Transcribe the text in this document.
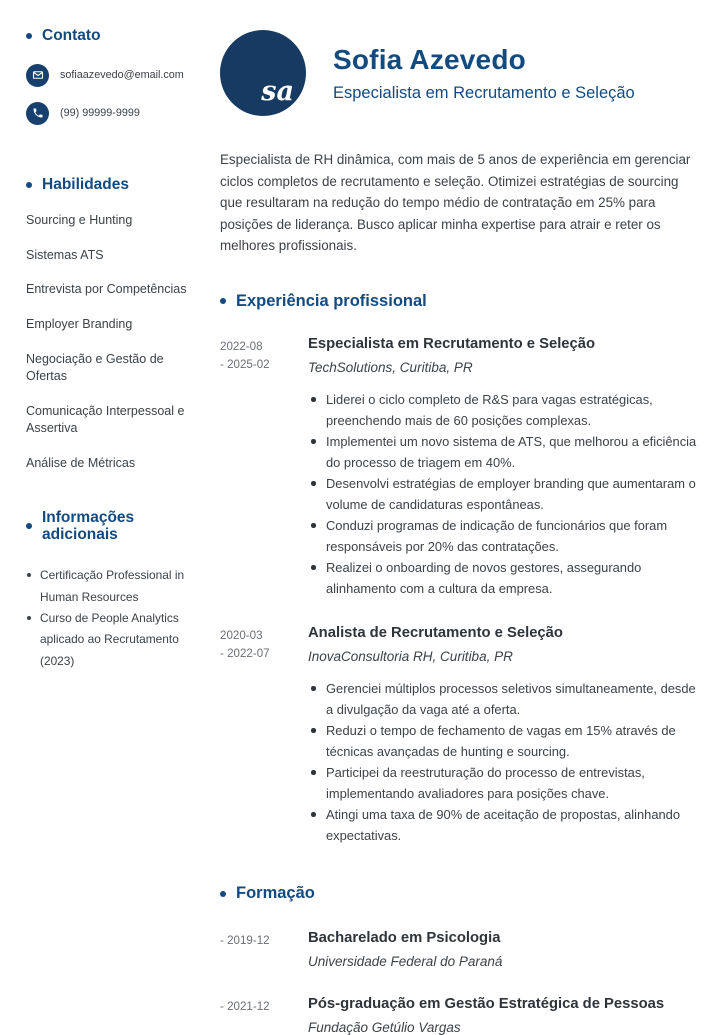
Contato
sofiaazevedo@email.com
(99) 99999-9999
Habilidades
Sourcing e Hunting
Sistemas ATS
Entrevista por Competências
Employer Branding
Negociação e Gestão de Ofertas
Comunicação Interpessoal e Assertiva
Análise de Métricas
Informações adicionais
Certificação Professional in Human Resources
Curso de People Analytics aplicado ao Recrutamento (2023)
sa
Sofia Azevedo
Especialista em Recrutamento e Seleção

Especialista de RH dinâmica, com mais de 5 anos de experiência em gerenciar ciclos completos de recrutamento e seleção. Otimizei estratégias de sourcing que resultaram na redução do tempo médio de contratação em 25% para posições de liderança. Busco aplicar minha expertise para atrair e reter os melhores profissionais.

Experiência profissional
2022-08
- 2025-02
Especialista em Recrutamento e Seleção
TechSolutions, Curitiba, PR
Liderei o ciclo completo de R&S para vagas estratégicas, preenchendo mais de 60 posições complexas.
Implementei um novo sistema de ATS, que melhorou a eficiência do processo de triagem em 40%.
Desenvolvi estratégias de employer branding que aumentaram o volume de candidaturas espontâneas.
Conduzi programas de indicação de funcionários que foram responsáveis por 20% das contratações.
Realizei o onboarding de novos gestores, assegurando alinhamento com a cultura da empresa.
2020-03
- 2022-07
Analista de Recrutamento e Seleção
InovaConsultoria RH, Curitiba, PR
Gerenciei múltiplos processos seletivos simultaneamente, desde a divulgação da vaga até a oferta.
Reduzi o tempo de fechamento de vagas em 15% através de técnicas avançadas de hunting e sourcing.
Participei da reestruturação do processo de entrevistas, implementando avaliadores para posições chave.
Atingi uma taxa de 90% de aceitação de propostas, alinhando expectativas.
Formação
- 2019-12	Bacharelado em Psicologia
Universidade Federal do Paraná
- 2021-12	Pós-graduação em Gestão Estratégica de Pessoas
Fundação Getúlio Vargas
